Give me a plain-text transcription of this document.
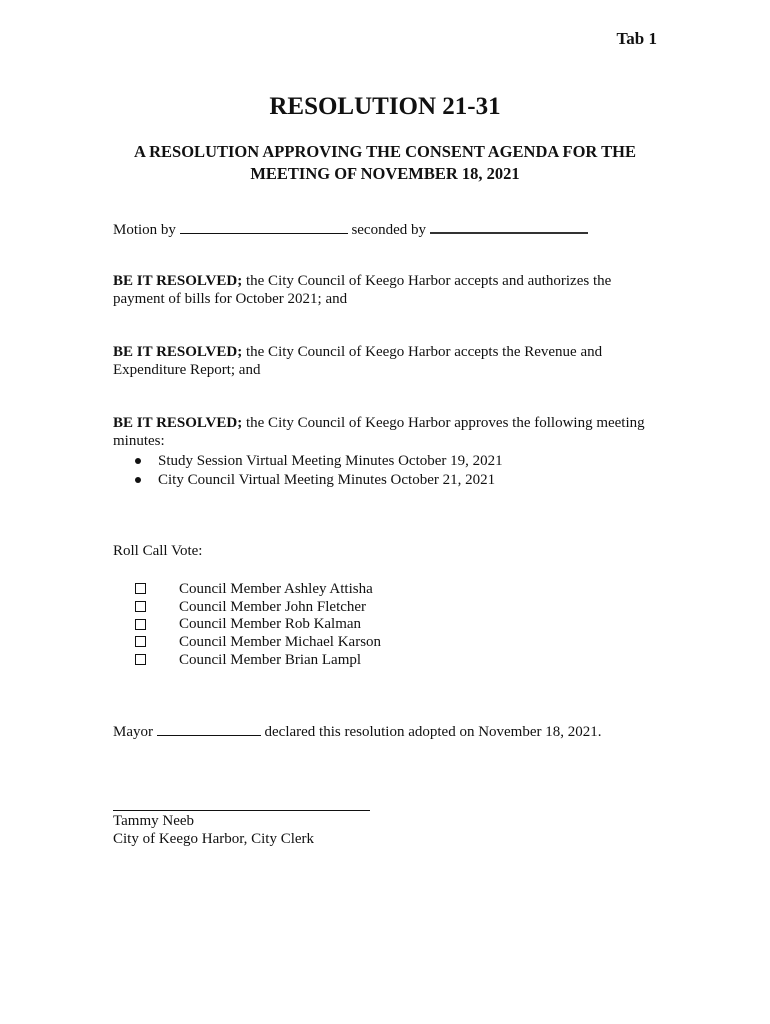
Tab 1
RESOLUTION 21-31
A RESOLUTION APPROVING THE CONSENT AGENDA FOR THE MEETING OF NOVEMBER 18, 2021
Motion by	seconded by
BE IT RESOLVED; the City Council of Keego Harbor accepts and authorizes the payment of bills for October 2021; and
BE IT RESOLVED; the City Council of Keego Harbor accepts the Revenue and Expenditure Report; and
BE IT RESOLVED; the City Council of Keego Harbor approves the following meeting minutes:
Study Session Virtual Meeting Minutes October 19, 2021
City Council Virtual Meeting Minutes October 21, 2021
Roll Call Vote:
Council Member Ashley Attisha
Council Member John Fletcher
Council Member Rob Kalman
Council Member Michael Karson
Council Member Brian Lampl
Mayor	declared this resolution adopted on November 18, 2021.
Tammy Neeb
City of Keego Harbor, City Clerk
